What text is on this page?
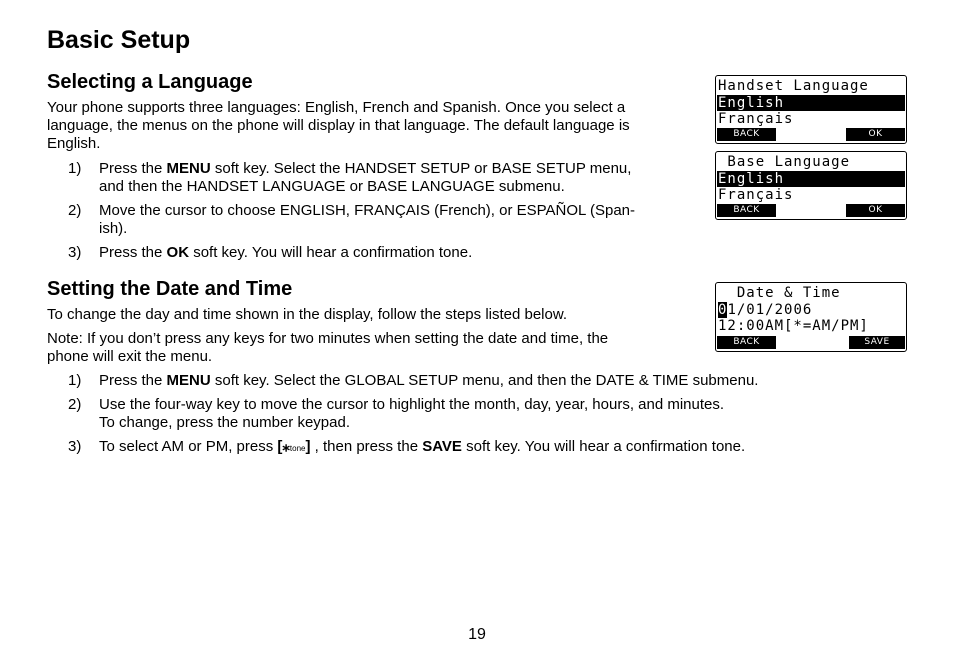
Basic Setup
Selecting a Language

Your phone supports three languages: English, French and Spanish. Once you select a
language, the menus on the phone will display in that language. The default language is
English.

1) Press the MENU soft key. Select the HANDSET SETUP or BASE SETUP menu, and then the HANDSET LANGUAGE or BASE LANGUAGE submenu.
2) Move the cursor to choose ENGLISH, FRANÇAIS (French), or ESPAÑOL (Span- ish).
3) Press the OK soft key. You will hear a confirmation tone.
Setting the Date and Time

To change the day and time shown in the display, follow the steps listed below.

Note: If you don’t press any keys for two minutes when setting the date and time, the
phone will exit the menu.

1) Press the MENU soft key. Select the GLOBAL SETUP menu, and then the DATE & TIME submenu.
2) Use the four-way key to move the cursor to highlight the month, day, year, hours, and minutes. To change, press the number keypad.
3) To select AM or PM, press [⁎tone] , then press the SAVE soft key. You will hear a confirmation tone.
Handset Language
English
Français
BACK	OK
Base Language
English
Français
BACK	OK
Date & Time
01/01/2006
12:00AM[*=AM/PM]
BACK	SAVE
19
